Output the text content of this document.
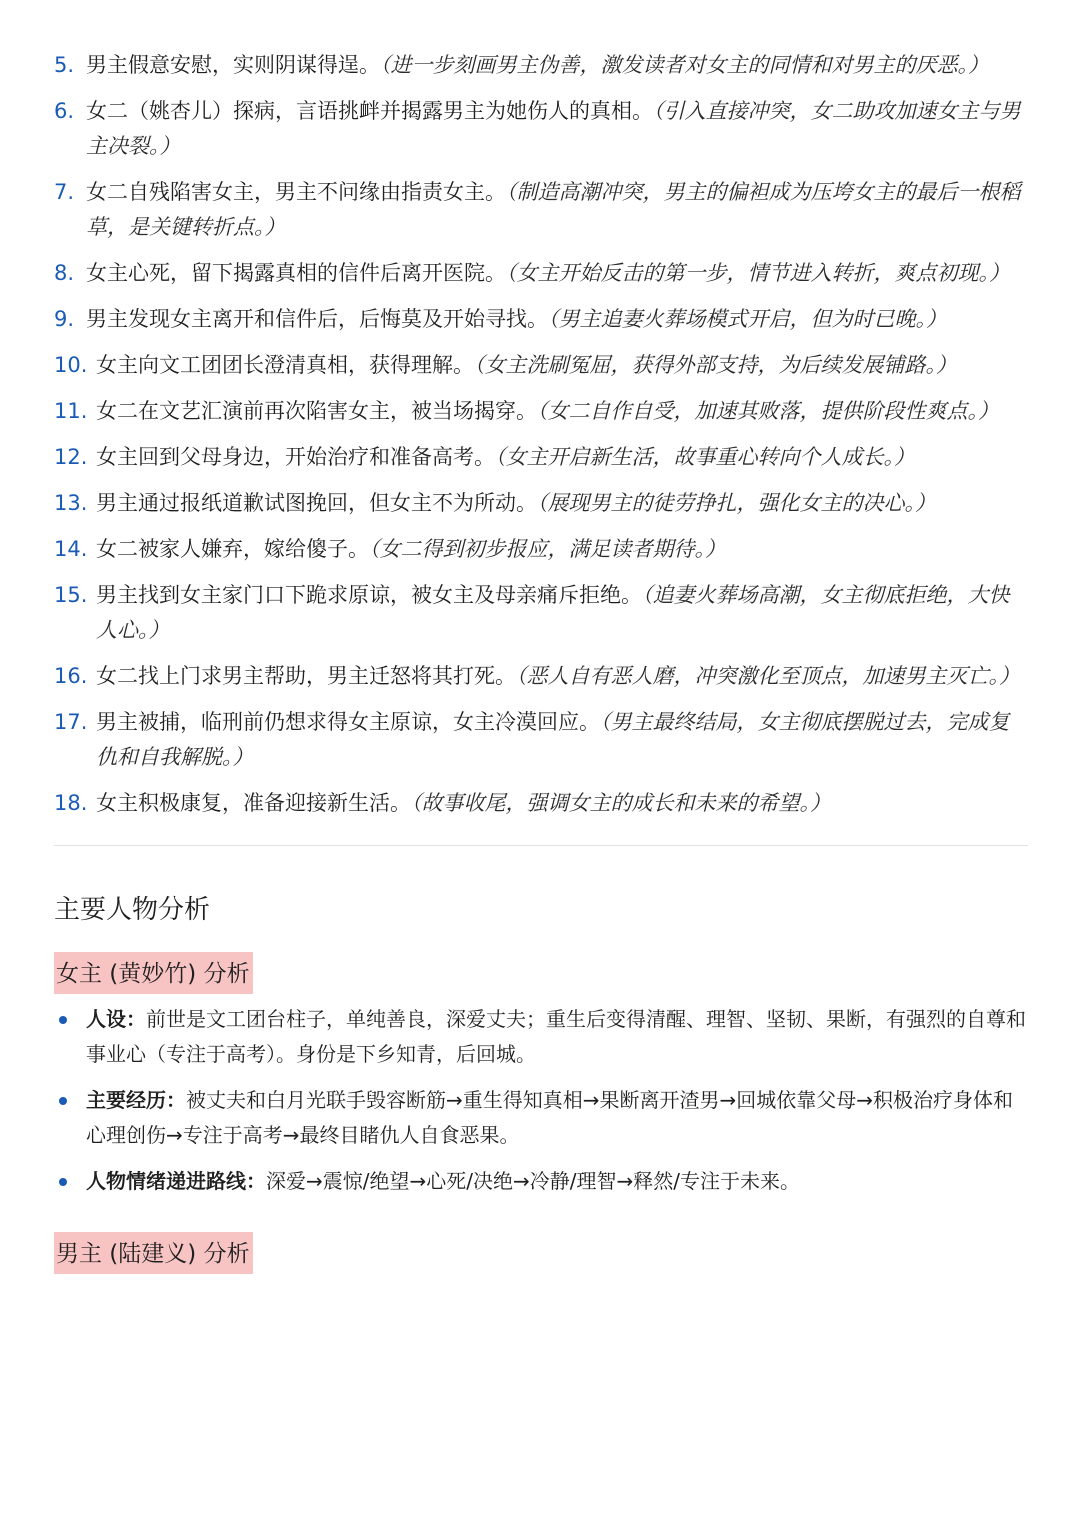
5. 男主假意安慰，实则阴谋得逞。（进一步刻画男主伪善，激发读者对女主的同情和对男主的厌恶。）
6. 女二（姚杏儿）探病，言语挑衅并揭露男主为她伤人的真相。（引入直接冲突，女二助攻加速女主与男主决裂。）
7. 女二自残陷害女主，男主不问缘由指责女主。（制造高潮冲突，男主的偏袒成为压垮女主的最后一根稻草，是关键转折点。）
8. 女主心死，留下揭露真相的信件后离开医院。（女主开始反击的第一步，情节进入转折，爽点初现。）
9. 男主发现女主离开和信件后，后悔莫及开始寻找。（男主追妻火葬场模式开启，但为时已晚。）
10. 女主向文工团团长澄清真相，获得理解。（女主洗刷冤屈，获得外部支持，为后续发展铺路。）
11. 女二在文艺汇演前再次陷害女主，被当场揭穿。（女二自作自受，加速其败落，提供阶段性爽点。）
12. 女主回到父母身边，开始治疗和准备高考。（女主开启新生活，故事重心转向个人成长。）
13. 男主通过报纸道歉试图挽回，但女主不为所动。（展现男主的徒劳挣扎，强化女主的决心。）
14. 女二被家人嫌弃，嫁给傻子。（女二得到初步报应，满足读者期待。）
15. 男主找到女主家门口下跪求原谅，被女主及母亲痛斥拒绝。（追妻火葬场高潮，女主彻底拒绝，大快人心。）
16. 女二找上门求男主帮助，男主迁怒将其打死。（恶人自有恶人磨，冲突激化至顶点，加速男主灭亡。）
17. 男主被捕，临刑前仍想求得女主原谅，女主冷漠回应。（男主最终结局，女主彻底摆脱过去，完成复仇和自我解脱。）
18. 女主积极康复，准备迎接新生活。（故事收尾，强调女主的成长和未来的希望。）
主要人物分析
女主 (黄妙竹) 分析
人设：前世是文工团台柱子，单纯善良，深爱丈夫；重生后变得清醒、理智、坚韧、果断，有强烈的自尊和事业心（专注于高考）。身份是下乡知青，后回城。
主要经历：被丈夫和白月光联手毁容断筋→重生得知真相→果断离开渣男→回城依靠父母→积极治疗身体和心理创伤→专注于高考→最终目睹仇人自食恶果。
人物情绪递进路线：深爱→震惊/绝望→心死/决绝→冷静/理智→释然/专注于未来。
男主 (陆建义) 分析
